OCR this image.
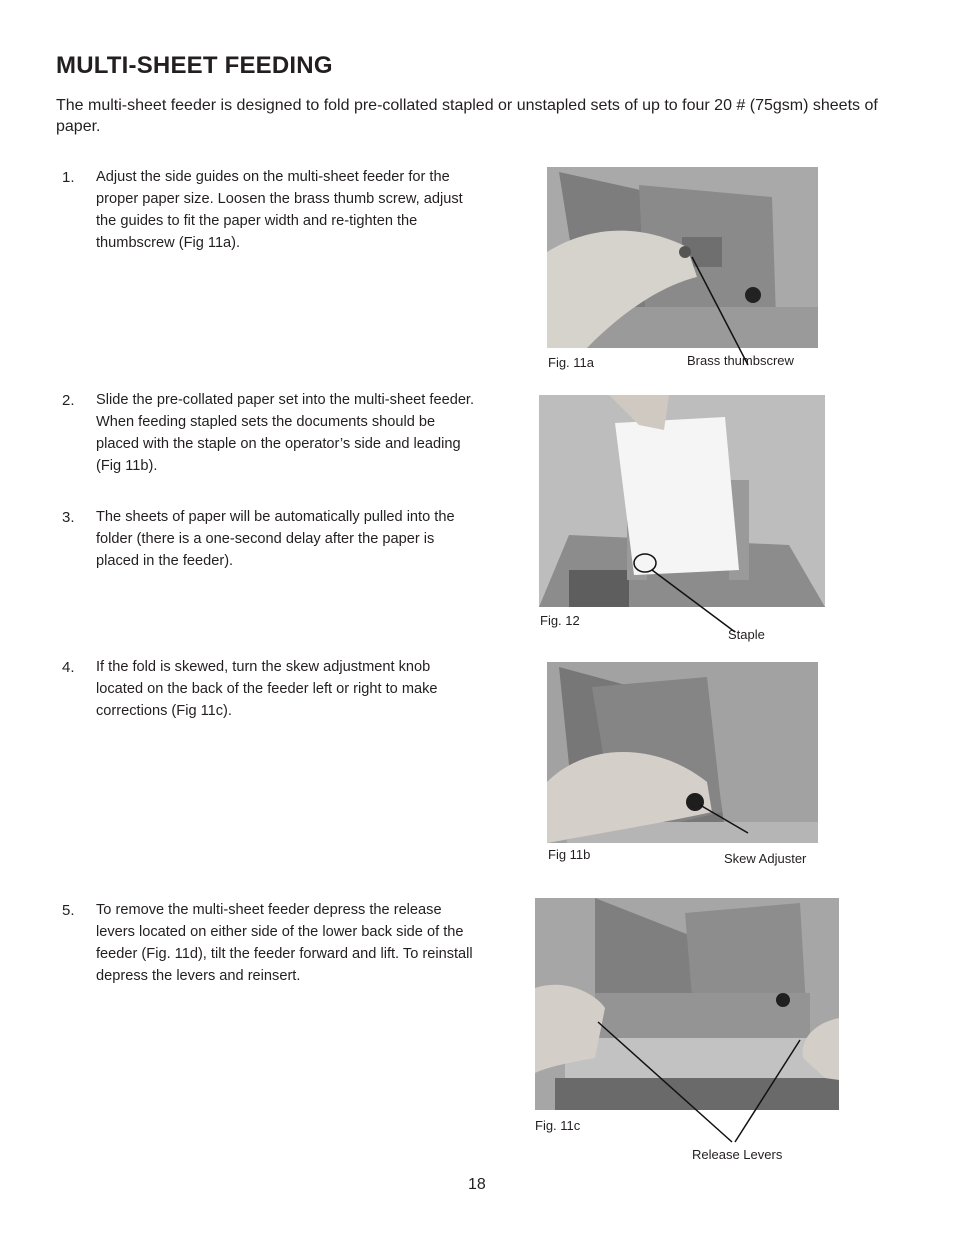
MULTI-SHEET FEEDING
The multi-sheet feeder is designed to fold pre-collated stapled or unstapled sets of up to four 20 # (75gsm) sheets of paper.
1. Adjust the side guides on the multi-sheet feeder for the proper paper size. Loosen the brass thumb screw, adjust the guides to fit the paper width and re-tighten the thumbscrew (Fig 11a).
2. Slide the pre-collated paper set into the multi-sheet feeder. When feeding stapled sets the documents should be placed with the staple on the operator’s side and leading (Fig 11b).
3. The sheets of paper will be automatically pulled into the folder (there is a one-second delay after the paper is placed in the feeder).
4. If the fold is skewed, turn the skew adjustment knob located on the back of the feeder left or right to make corrections (Fig 11c).
5. To remove the multi-sheet feeder depress the release levers located on either side of the lower back side of the feeder (Fig. 11d), tilt the feeder forward and lift. To reinstall depress the levers and reinsert.
Fig. 11a	Brass thumbscrew
Fig. 12
Staple
Fig 11b	Skew Adjuster
Fig. 11c
Release Levers
18
